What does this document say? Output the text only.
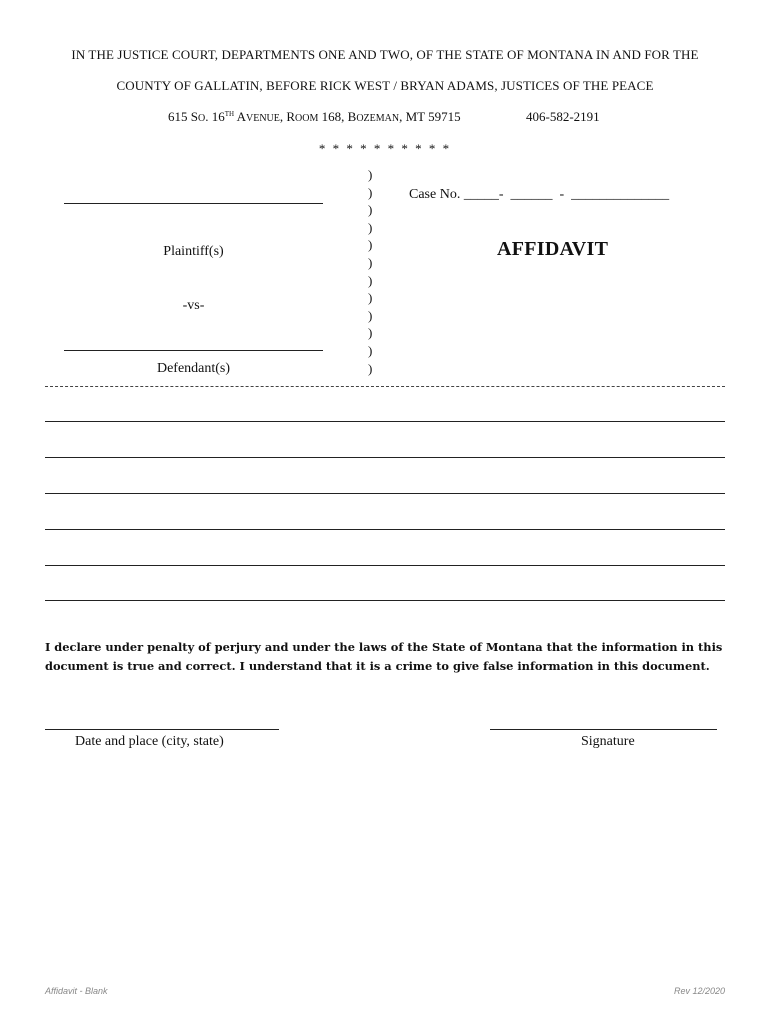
IN THE JUSTICE COURT, DEPARTMENTS ONE AND TWO, OF THE STATE OF MONTANA IN AND FOR THE
COUNTY OF GALLATIN, BEFORE RICK WEST / BRYAN ADAMS, JUSTICES OF THE PEACE
615 SO. 16TH AVENUE, ROOM 168, BOZEMAN, MT 59715	406-582-2191
* * * * * * * * * *
Plaintiff(s)
-vs-
Defendant(s)
)
)
)
)
)
)
)
)
)
)
)
)
Case No. _____-  ______  -  ______________
AFFIDAVIT
I declare under penalty of perjury and under the laws of the State of Montana that the information in this
document is true and correct. I understand that it is a crime to give false information in this document.
Date and place (city, state)	Signature
Affidavit - Blank	Rev 12/2020
